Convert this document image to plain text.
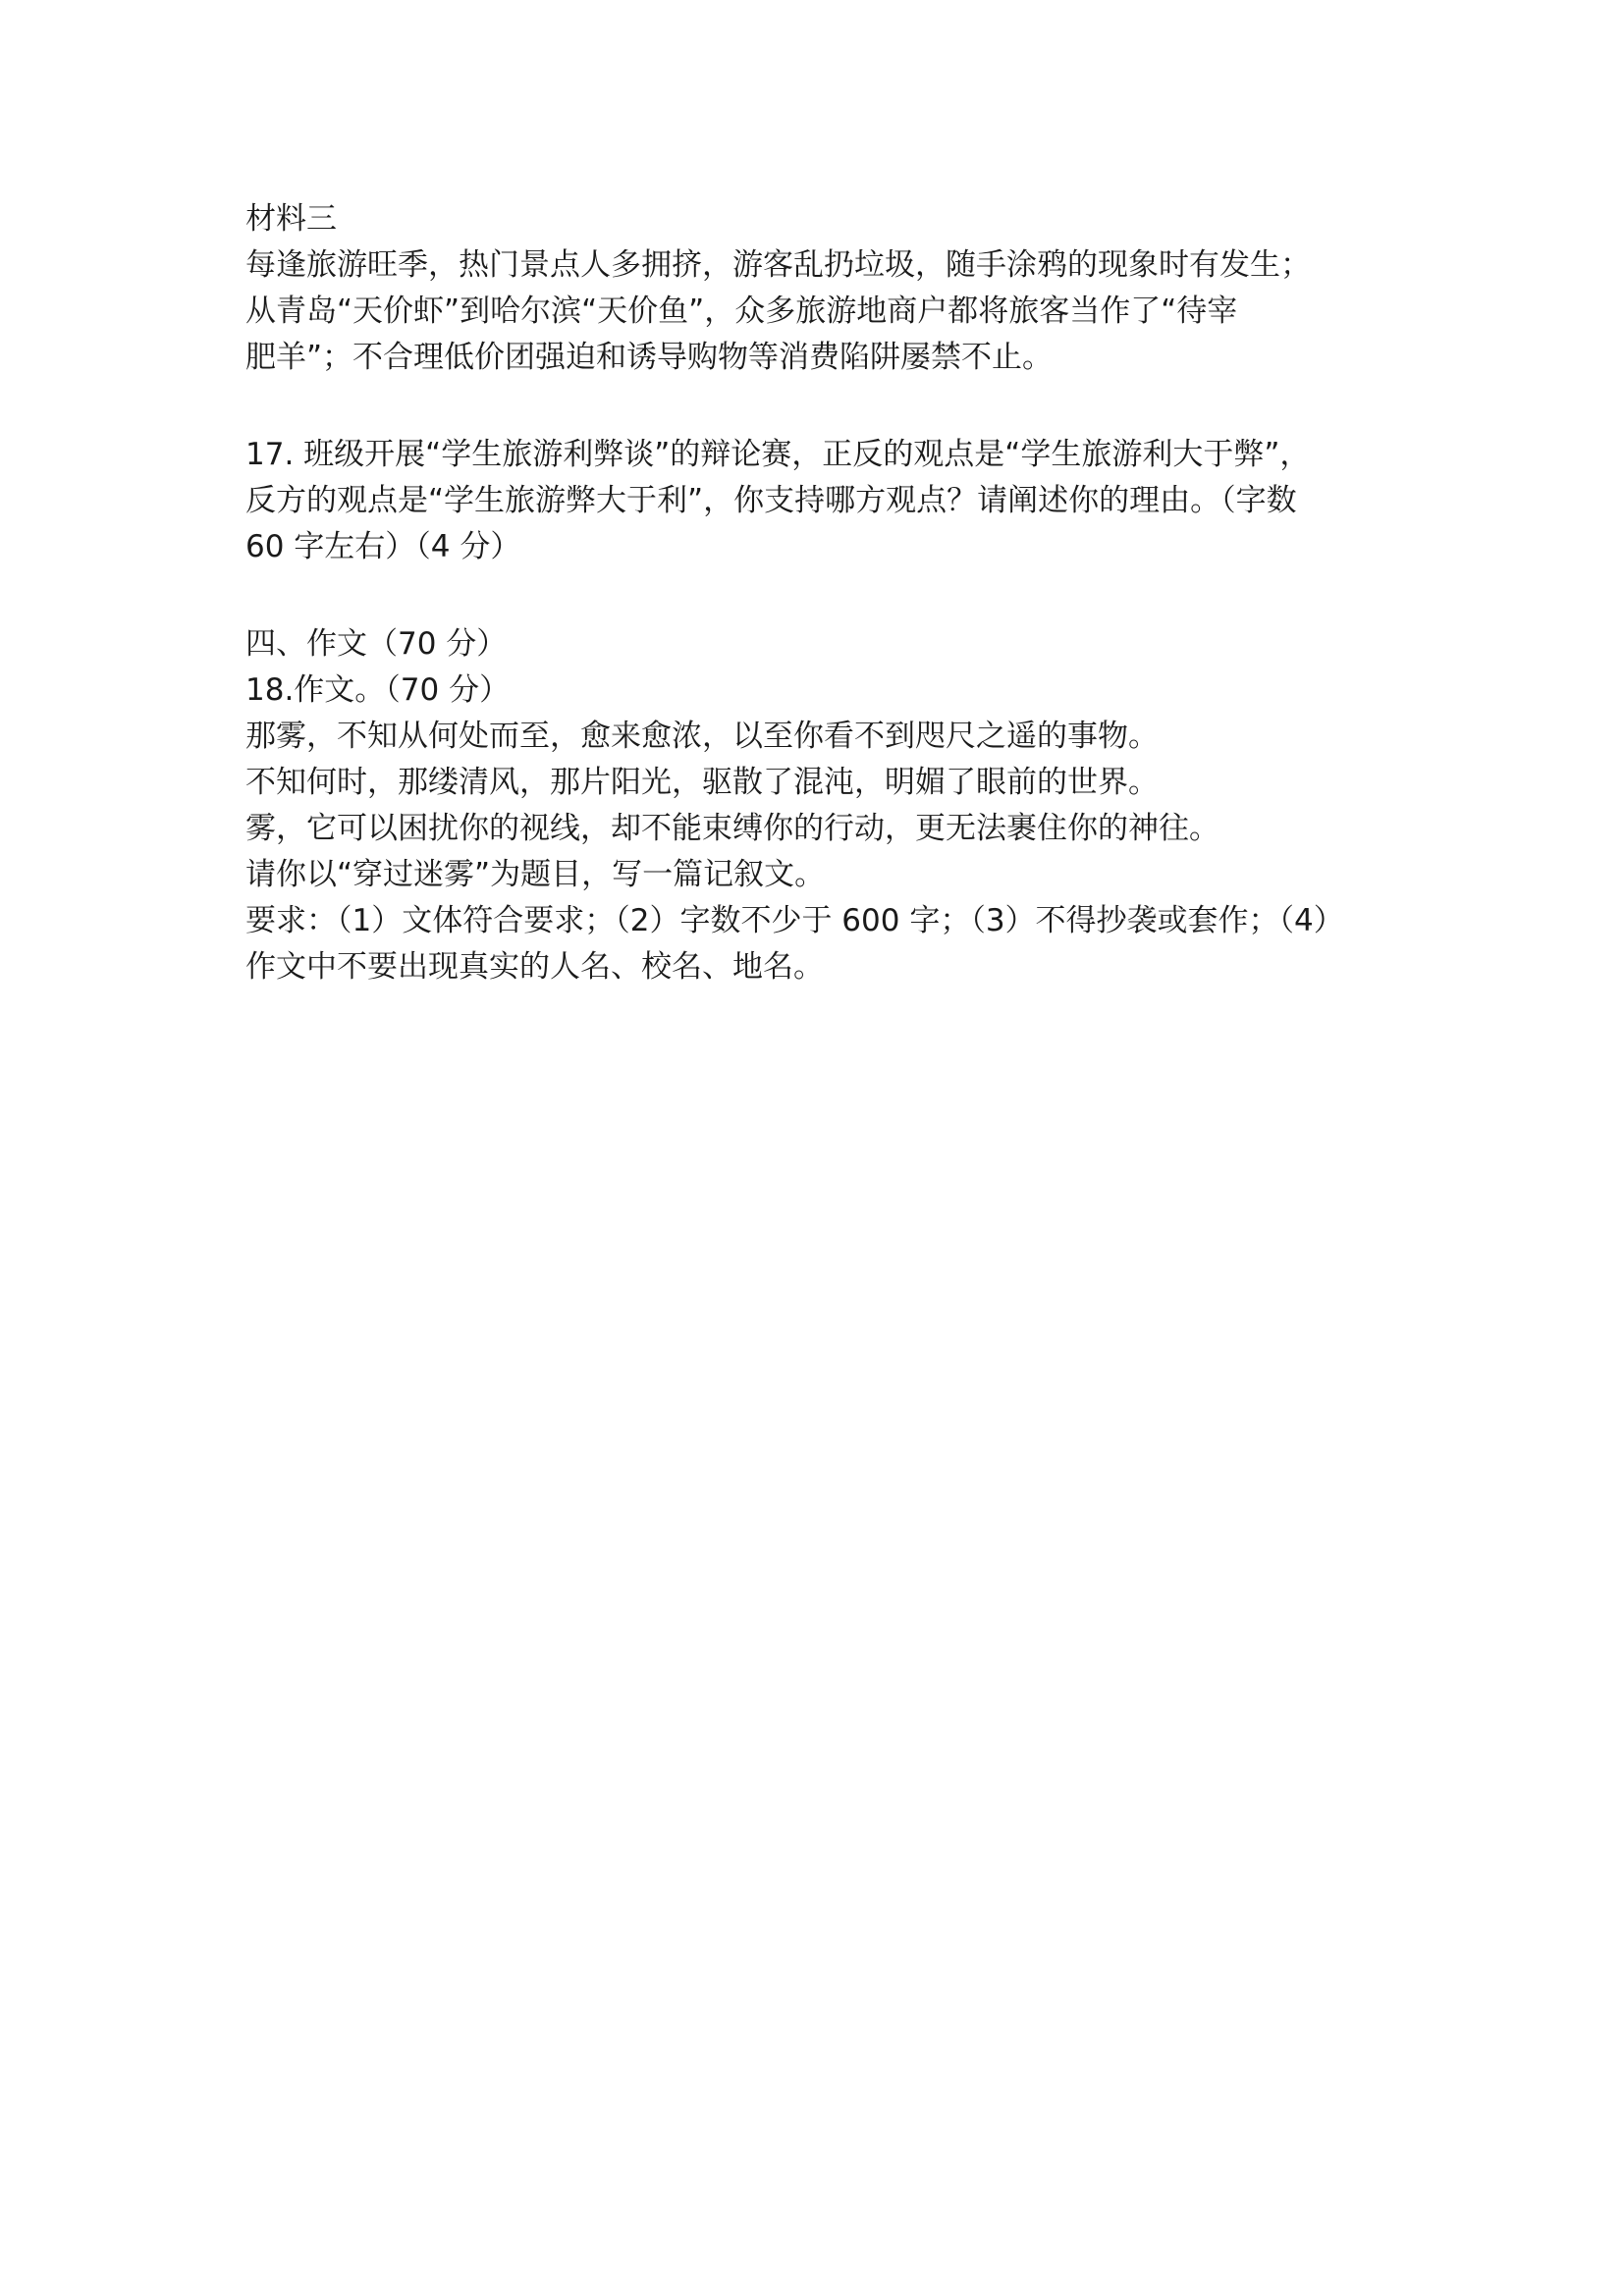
材料三
每逢旅游旺季，热门景点人多拥挤，游客乱扔垃圾，随手涂鸦的现象时有发生；
从青岛“天价虾”到哈尔滨“天价鱼”，众多旅游地商户都将旅客当作了“待宰
肥羊”；不合理低价团强迫和诱导购物等消费陷阱屡禁不止。
17. 班级开展“学生旅游利弊谈”的辩论赛，正反的观点是“学生旅游利大于弊”，
反方的观点是“学生旅游弊大于利”，你支持哪方观点？请阐述你的理由。（字数
60 字左右）（4 分）
四、作文（70 分）
18.作文。（70 分）
那雾，不知从何处而至，愈来愈浓，以至你看不到咫尺之遥的事物。
不知何时，那缕清风，那片阳光，驱散了混沌，明媚了眼前的世界。
雾，它可以困扰你的视线，却不能束缚你的行动，更无法裹住你的神往。
请你以“穿过迷雾”为题目，写一篇记叙文。
要求：（1）文体符合要求；（2）字数不少于 600 字；（3）不得抄袭或套作；（4）
作文中不要出现真实的人名、校名、地名。
